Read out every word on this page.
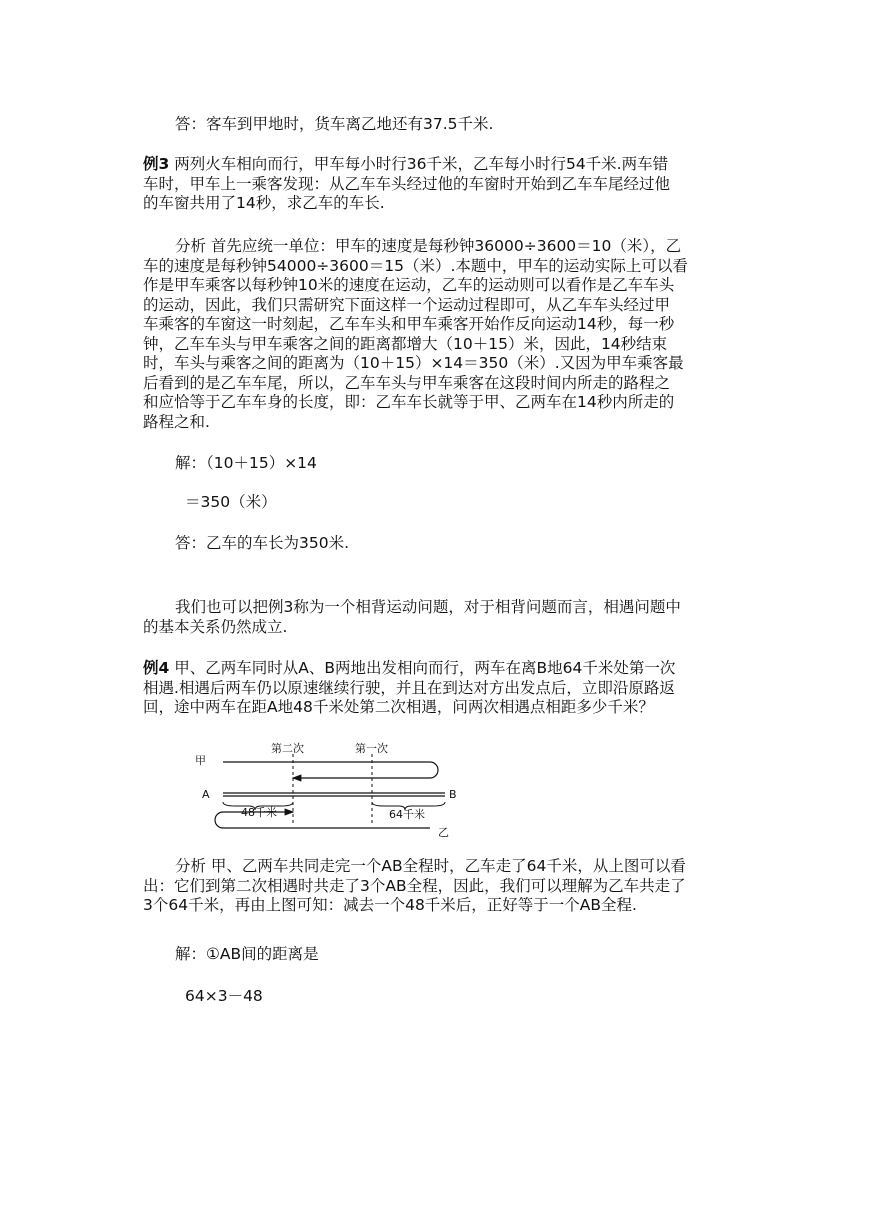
答：客车到甲地时，货车离乙地还有37.5千米.

例3 两列火车相向而行，甲车每小时行36千米，乙车每小时行54千米.两车错
车时，甲车上一乘客发现：从乙车车头经过他的车窗时开始到乙车车尾经过他
的车窗共用了14秒，求乙车的车长.
分析 首先应统一单位：甲车的速度是每秒钟36000÷3600＝10（米），乙
车的速度是每秒钟54000÷3600＝15（米）.本题中，甲车的运动实际上可以看
作是甲车乘客以每秒钟10米的速度在运动，乙车的运动则可以看作是乙车车头
的运动，因此，我们只需研究下面这样一个运动过程即可，从乙车车头经过甲
车乘客的车窗这一时刻起，乙车车头和甲车乘客开始作反向运动14秒，每一秒
钟，乙车车头与甲车乘客之间的距离都增大（10＋15）米，因此，14秒结束
时，车头与乘客之间的距离为（10＋15）×14＝350（米）.又因为甲车乘客最
后看到的是乙车车尾，所以，乙车车头与甲车乘客在这段时间内所走的路程之
和应恰等于乙车车身的长度，即：乙车车长就等于甲、乙两车在14秒内所走的
路程之和.

解：（10＋15）×14

＝350（米）

答：乙车的车长为350米.

我们也可以把例3称为一个相背运动问题，对于相背问题而言，相遇问题中
的基本关系仍然成立.
例4 甲、乙两车同时从A、B两地出发相向而行，两车在离B地64千米处第一次
相遇.相遇后两车仍以原速继续行驶，并且在到达对方出发点后，立即沿原路返
回，途中两车在距A地48千米处第二次相遇，问两次相遇点相距多少千米？
第二次	第一次
甲
A	B
乙
48千米	64千米
分析 甲、乙两车共同走完一个AB全程时，乙车走了64千米，从上图可以看
出：它们到第二次相遇时共走了3个AB全程，因此，我们可以理解为乙车共走了
3个64千米，再由上图可知：减去一个48千米后，正好等于一个AB全程.

解：①AB间的距离是

64×3－48
